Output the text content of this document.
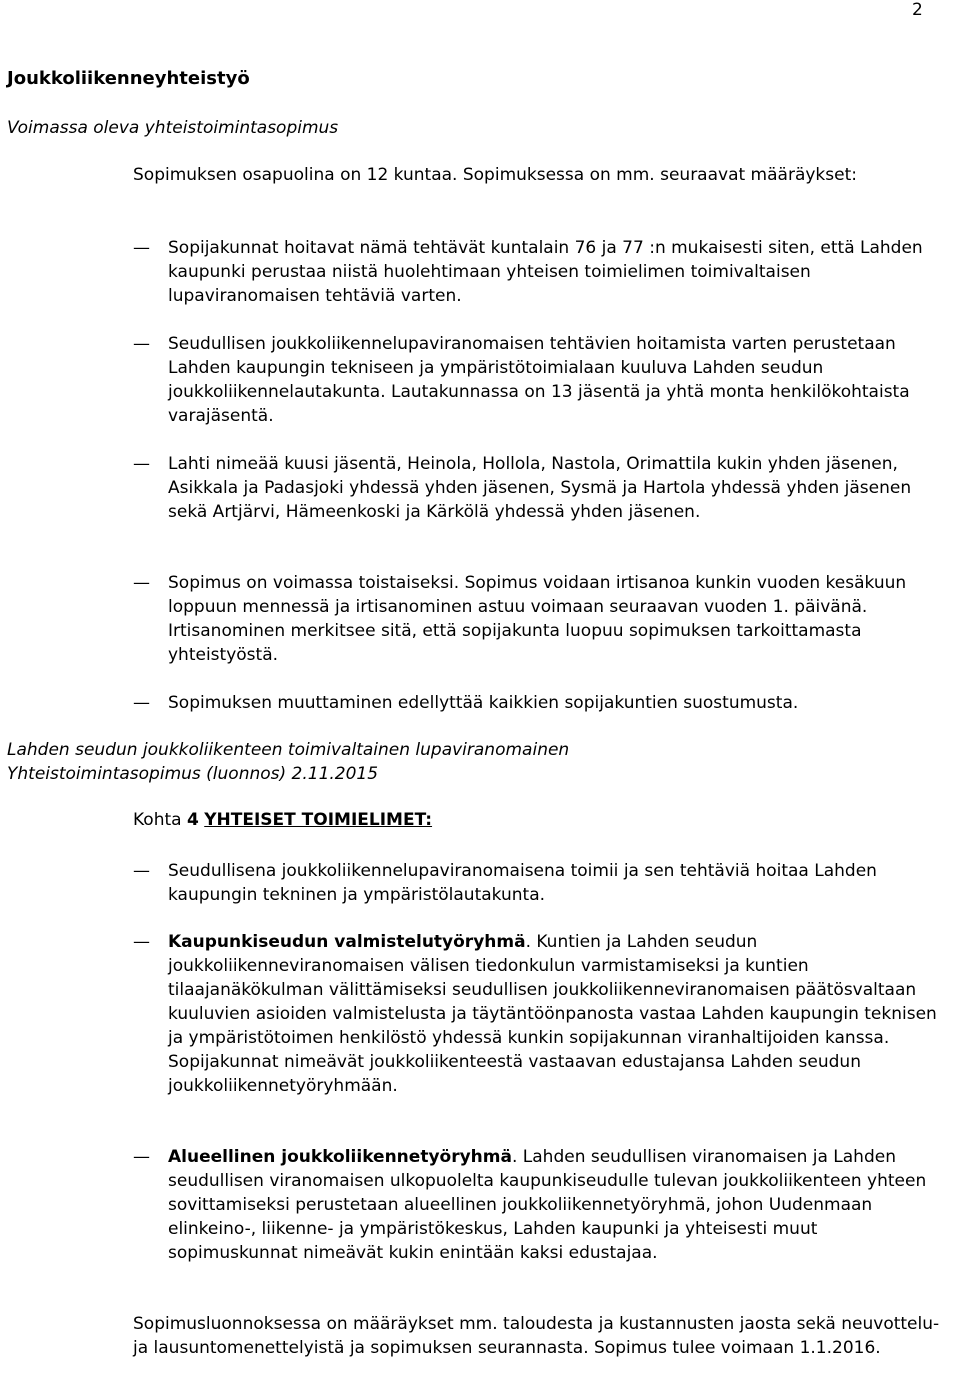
2
Joukkoliikenneyhteistyö
Voimassa oleva yhteistoimintasopimus
Sopimuksen osapuolina on 12 kuntaa. Sopimuksessa on mm. seuraavat määräykset:
—	Sopijakunnat hoitavat nämä tehtävät kuntalain 76 ja 77 :n mukaisesti siten, että Lahden kaupunki perustaa niistä huolehtimaan yhteisen toimielimen toimivaltaisen lupaviranomaisen tehtäviä varten.
—	Seudullisen joukkoliikennelupaviranomaisen tehtävien hoitamista varten perustetaan Lahden kaupungin tekniseen ja ympäristötoimialaan kuuluva Lahden seudun joukkoliikennelautakunta. Lautakunnassa on 13 jäsentä ja yhtä monta henkilökohtaista varajäsentä.
—	Lahti nimeää kuusi jäsentä, Heinola, Hollola, Nastola, Orimattila kukin yhden jäsenen, Asikkala ja Padasjoki yhdessä yhden jäsenen, Sysmä ja Hartola yhdessä yhden jäsenen sekä Artjärvi, Hämeenkoski ja Kärkölä yhdessä yhden jäsenen.
—	Sopimus on voimassa toistaiseksi. Sopimus voidaan irtisanoa kunkin vuoden kesäkuun loppuun mennessä ja irtisanominen astuu voimaan seuraavan vuoden 1. päivänä. Irtisanominen merkitsee sitä, että sopijakunta luopuu sopimuksen tarkoittamasta yhteistyöstä.
—	Sopimuksen muuttaminen edellyttää kaikkien sopijakuntien suostumusta.
Lahden seudun joukkoliikenteen toimivaltainen lupaviranomainen
Yhteistoimintasopimus (luonnos) 2.11.2015
Kohta 4 YHTEISET TOIMIELIMET:
—	Seudullisena joukkoliikennelupaviranomaisena toimii ja sen tehtäviä hoitaa Lahden kaupungin tekninen ja ympäristölautakunta.
—	Kaupunkiseudun valmistelutyöryhmä. Kuntien ja Lahden seudun joukkoliikenneviranomaisen välisen tiedonkulun varmistamiseksi ja kuntien tilaajanäkökulman välittämiseksi seudullisen joukkoliikenneviranomaisen päätösvaltaan kuuluvien asioiden valmistelusta ja täytäntöönpanosta vastaa Lahden kaupungin teknisen ja ympäristötoimen henkilöstö yhdessä kunkin sopijakunnan viranhaltijoiden kanssa. Sopijakunnat nimeävät joukkoliikenteestä vastaavan edustajansa Lahden seudun joukkoliikennetyöryhmään.
—	Alueellinen joukkoliikennetyöryhmä. Lahden seudullisen viranomaisen ja Lahden seudullisen viranomaisen ulkopuolelta kaupunkiseudulle tulevan joukkoliikenteen yhteen sovittamiseksi perustetaan alueellinen joukkoliikennetyöryhmä, johon Uudenmaan elinkeino-, liikenne- ja ympäristökeskus, Lahden kaupunki ja yhteisesti muut sopimuskunnat nimeävät kukin enintään kaksi edustajaa.
Sopimusluonnoksessa on määräykset mm. taloudesta ja kustannusten jaosta sekä neuvottelu- ja lausuntomenettelyistä ja sopimuksen seurannasta. Sopimus tulee voimaan 1.1.2016.
